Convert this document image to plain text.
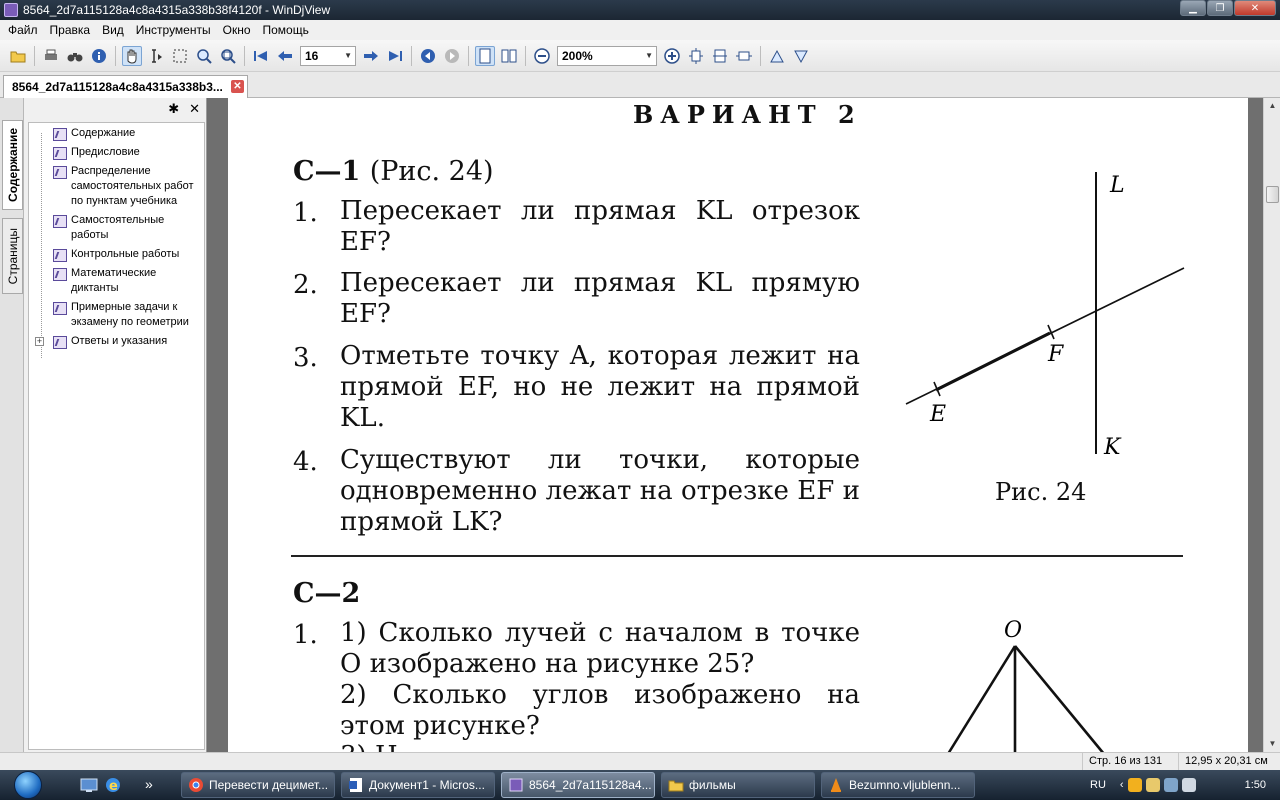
8564_2d7a115128a4c8a4315a338b38f4120f - WinDjView	▁	❐	✕
Файл	Правка	Вид	Инструменты	Окно	Помощь
16	▼	200%	▼
8564_2d7a115128a4c8a4315a338b3... ✕
Содержание
Страницы
✱ ✕
Содержание
Предисловие
Распределение самостоятельных работ по пунктам учебника
Самостоятельные работы
Контрольные работы
Математические диктанты
Примерные задачи к экзамену по геометрии
+	Ответы и указания
ВАРИАНТ 2
С—1 (Рис. 24)
1. Пересекает ли прямая KL отрезок EF?
2. Пересекает ли прямая KL прямую EF?
3. Отметьте точку A, которая лежит на прямой EF, но не лежит на прямой KL.
4. Существуют ли точки, которые одновременно лежат на отрезке EF и прямой LK?
L
K
E
F
Рис. 24
С—2
1. 1) Сколько лучей с началом в точке O изображено на рисунке 25?
2) Сколько углов изображено на этом рисунке?
O
▲
▼
Стр. 16 из 131	12,95 x 20,31 см
e »	Перевести децимет...	Документ1 - Micros...	8564_2d7a115128a4...	фильмы	Bezumno.vljublenn...	RU ‹	1:50
